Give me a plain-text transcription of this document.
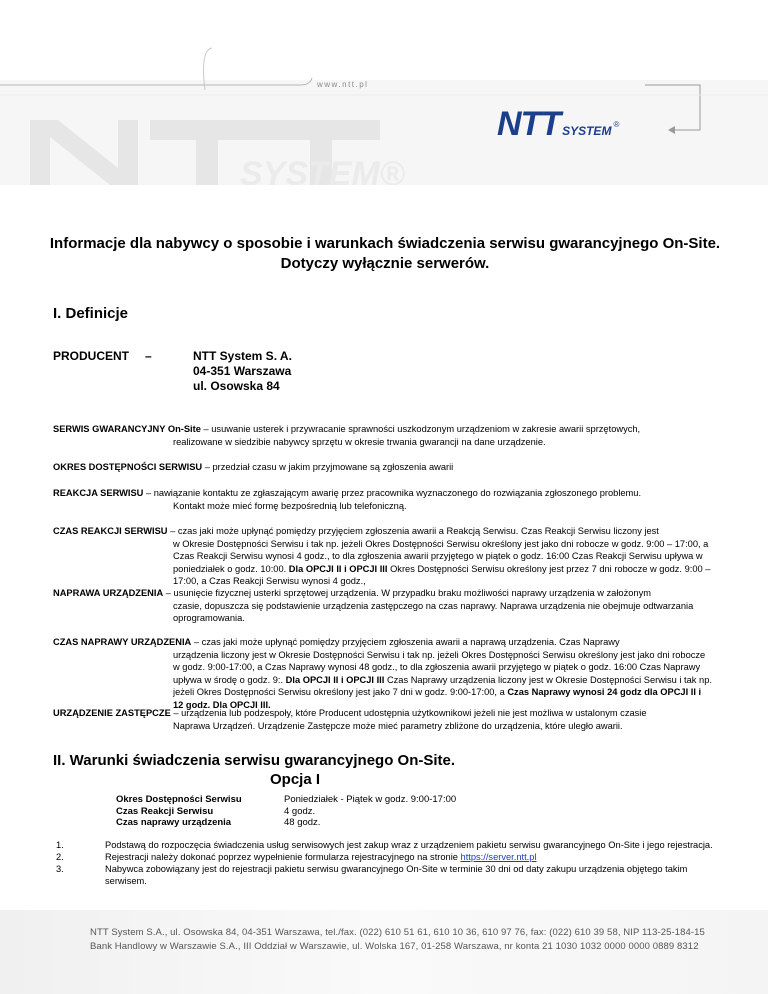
SYSTEM®
www.ntt.pl
NTT SYSTEM ®
Informacje dla nabywcy o sposobie i warunkach świadczenia serwisu gwarancyjnego On-Site. Dotyczy wyłącznie serwerów.
I. Definicje
PRODUCENT –	NTT System S. A.
04-351 Warszawa
ul. Osowska 84
SERWIS GWARANCYJNY On-Site – usuwanie usterek i przywracanie sprawności uszkodzonym urządzeniom w zakresie awarii sprzętowych,
realizowane w siedzibie nabywcy sprzętu w okresie trwania gwarancji na dane urządzenie.
OKRES DOSTĘPNOŚCI SERWISU – przedział czasu w jakim przyjmowane są zgłoszenia awarii
REAKCJA SERWISU – nawiązanie kontaktu ze zgłaszającym awarię przez pracownika wyznaczonego do rozwiązania zgłoszonego problemu.
Kontakt może mieć formę bezpośrednią lub telefoniczną.
CZAS REAKCJI SERWISU – czas jaki może upłynąć pomiędzy przyjęciem zgłoszenia awarii a Reakcją Serwisu. Czas Reakcji Serwisu liczony jest
w Okresie Dostępności Serwisu i tak np. jeżeli Okres Dostępności Serwisu określony jest jako dni robocze w godz. 9:00 – 17:00, a Czas Reakcji Serwisu wynosi 4 godz., to dla zgłoszenia awarii przyjętego w piątek o godz. 16:00 Czas Reakcji Serwisu upływa w poniedziałek o godz. 10:00. Dla OPCJI II i OPCJI III Okres Dostępności Serwisu określony jest przez 7 dni robocze w godz. 9:00 – 17:00, a Czas Reakcji Serwisu wynosi 4 godz.,
NAPRAWA URZĄDZENIA – usunięcie fizycznej usterki sprzętowej urządzenia. W przypadku braku możliwości naprawy urządzenia w założonym
czasie, dopuszcza się podstawienie urządzenia zastępczego na czas naprawy. Naprawa urządzenia nie obejmuje odtwarzania oprogramowania.
CZAS NAPRAWY URZĄDZENIA – czas jaki może upłynąć pomiędzy przyjęciem zgłoszenia awarii a naprawą urządzenia. Czas Naprawy
urządzenia liczony jest w Okresie Dostępności Serwisu i tak np. jeżeli Okres Dostępności Serwisu określony jest jako dni robocze w godz. 9:00-17:00, a Czas Naprawy wynosi 48 godz., to dla zgłoszenia awarii przyjętego w piątek o godz. 16:00 Czas Naprawy upływa w środę o godz. 9:. Dla OPCJI II i OPCJI III Czas Naprawy urządzenia liczony jest w Okresie Dostępności Serwisu i tak np. jeżeli Okres Dostępności Serwisu określony jest jako 7 dni w godz. 9:00-17:00, a Czas Naprawy wynosi 24 godz dla OPCJI II i 12 godz. Dla OPCJI III.
URZĄDZENIE ZASTĘPCZE – urządzenia lub podzespoły, które Producent udostępnia użytkownikowi jeżeli nie jest możliwa w ustalonym czasie
Naprawa Urządzeń. Urządzenie Zastępcze może mieć parametry zbliżone do urządzenia, które uległo awarii.
II. Warunki świadczenia serwisu gwarancyjnego On-Site.
Opcja I
Okres Dostępności Serwisu	Poniedziałek - Piątek w godz. 9:00-17:00
Czas Reakcji Serwisu	4 godz.
Czas naprawy urządzenia	48 godz.
1.	Podstawą do rozpoczęcia świadczenia usług serwisowych jest zakup wraz z urządzeniem pakietu serwisu gwarancyjnego On-Site i jego rejestracja.
2.	Rejestracji należy dokonać poprzez wypełnienie formularza rejestracyjnego na stronie https://server.ntt.pl
3.	Nabywca zobowiązany jest do rejestracji pakietu serwisu gwarancyjnego On-Site w terminie 30 dni od daty zakupu urządzenia objętego takim serwisem.
NTT System S.A., ul. Osowska 84, 04-351 Warszawa, tel./fax. (022) 610 51 61, 610 10 36, 610 97 76, fax: (022) 610 39 58, NIP 113-25-184-15
Bank Handlowy w Warszawie S.A., III Oddział w Warszawie, ul. Wolska 167, 01-258 Warszawa, nr konta 21 1030 1032 0000 0000 0889 8312
